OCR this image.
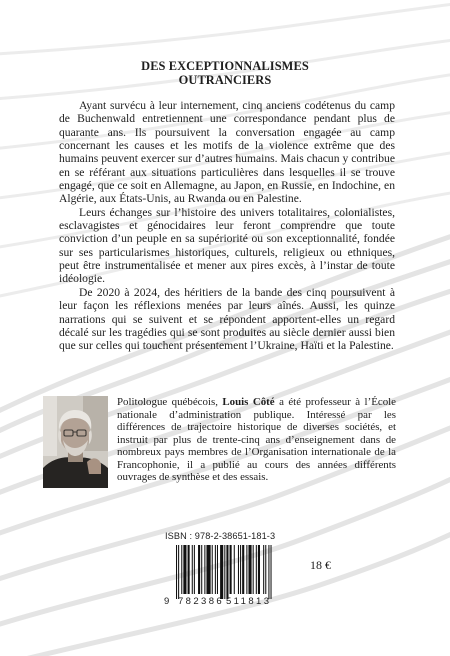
DES EXCEPTIONNALISMES
OUTRANCIERS

Ayant survécu à leur internement, cinq anciens codétenus du camp de Buchenwald entretiennent une correspondance pendant plus de quarante ans. Ils poursuivent la conversation engagée au camp concernant les causes et les motifs de la violence extrême que des humains peuvent exercer sur d’autres humains. Mais chacun y contribue en se référant aux situations particulières dans lesquelles il se trouve engagé, que ce soit en Allemagne, au Japon, en Russie, en Indochine, en Algérie, aux États-Unis, au Rwanda ou en Palestine.

Leurs échanges sur l’histoire des univers totalitaires, colonialistes, esclavagistes et génocidaires leur feront comprendre que toute conviction d’un peuple en sa supériorité ou son exceptionnalité, fondée sur ses particularismes historiques, culturels, religieux ou ethniques, peut être instrumentalisée et mener aux pires excès, à l’instar de toute idéologie.

De 2020 à 2024, des héritiers de la bande des cinq poursuivent à leur façon les réflexions menées par leurs aînés. Aussi, les quinze narrations qui se suivent et se répondent apportent-elles un regard décalé sur les tragédies qui se sont produites au siècle dernier aussi bien que sur celles qui touchent présentement l’Ukraine, Haïti et la Palestine.

Politologue québécois, Louis Côté a été professeur à l’École nationale d’administration publique. Intéressé par les différences de trajectoire historique de diverses sociétés, et instruit par plus de trente-cinq ans d’enseignement dans de nombreux pays membres de l’Organisation internationale de la Francophonie, il a publié au cours des années différents ouvrages de synthèse et des essais.

ISBN : 978-2-38651-181-3
9 782386 511813
18 €
